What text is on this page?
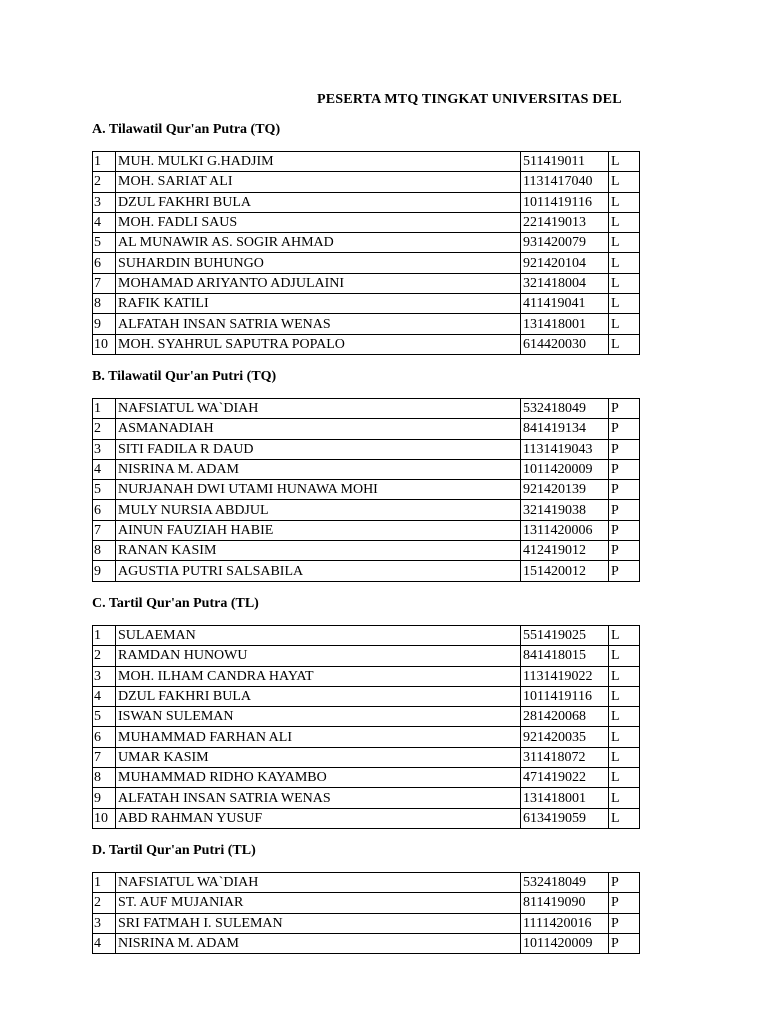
PESERTA MTQ TINGKAT UNIVERSITAS DEL
A. Tilawatil Qur'an Putra (TQ)
1	MUH. MULKI G.HADJIM	511419011	L
2	MOH. SARIAT ALI	1131417040	L
3	DZUL FAKHRI BULA	1011419116	L
4	MOH. FADLI SAUS	221419013	L
5	AL MUNAWIR AS. SOGIR AHMAD	931420079	L
6	SUHARDIN BUHUNGO	921420104	L
7	MOHAMAD ARIYANTO ADJULAINI	321418004	L
8	RAFIK KATILI	411419041	L
9	ALFATAH INSAN SATRIA WENAS	131418001	L
10	MOH. SYAHRUL SAPUTRA POPALO	614420030	L
B. Tilawatil Qur'an Putri (TQ)
1	NAFSIATUL WA`DIAH	532418049	P
2	ASMANADIAH	841419134	P
3	SITI FADILA R DAUD	1131419043	P
4	NISRINA M. ADAM	1011420009	P
5	NURJANAH DWI UTAMI HUNAWA MOHI	921420139	P
6	MULY NURSIA ABDJUL	321419038	P
7	AINUN FAUZIAH HABIE	1311420006	P
8	RANAN KASIM	412419012	P
9	AGUSTIA PUTRI SALSABILA	151420012	P
C. Tartil Qur'an Putra (TL)
1	SULAEMAN	551419025	L
2	RAMDAN HUNOWU	841418015	L
3	MOH. ILHAM CANDRA HAYAT	1131419022	L
4	DZUL FAKHRI BULA	1011419116	L
5	ISWAN SULEMAN	281420068	L
6	MUHAMMAD FARHAN ALI	921420035	L
7	UMAR KASIM	311418072	L
8	MUHAMMAD RIDHO KAYAMBO	471419022	L
9	ALFATAH INSAN SATRIA WENAS	131418001	L
10	ABD RAHMAN YUSUF	613419059	L
D. Tartil Qur'an Putri (TL)
1	NAFSIATUL WA`DIAH	532418049	P
2	ST. AUF MUJANIAR	811419090	P
3	SRI FATMAH I. SULEMAN	1111420016	P
4	NISRINA M. ADAM	1011420009	P
